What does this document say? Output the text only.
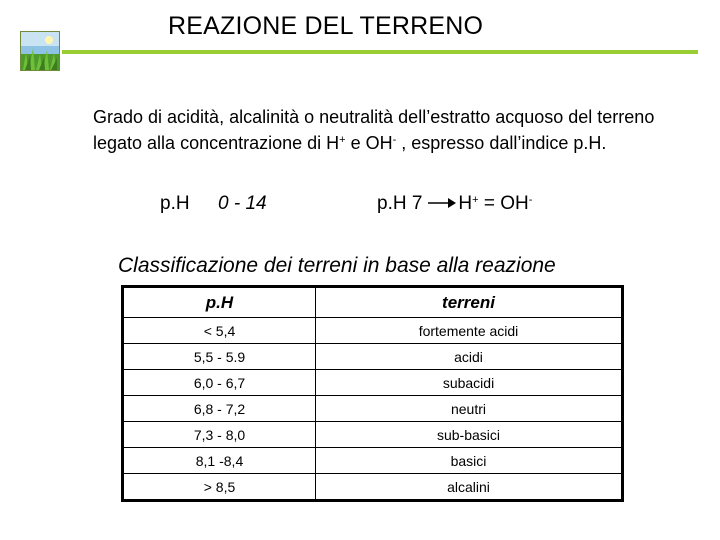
REAZIONE DEL TERRENO
Grado di acidità, alcalinità o neutralità dell’estratto acquoso del terreno
legato alla concentrazione di H+ e OH- , espresso dall’indice p.H.
p.H 0 - 14	p.H 7 H+ = OH-
Classificazione dei terreni in base alla reazione
p.H	terreni
< 5,4	fortemente acidi
5,5 - 5.9	acidi
6,0 - 6,7	subacidi
6,8 - 7,2	neutri
7,3 - 8,0	sub-basici
8,1 -8,4	basici
> 8,5	alcalini
